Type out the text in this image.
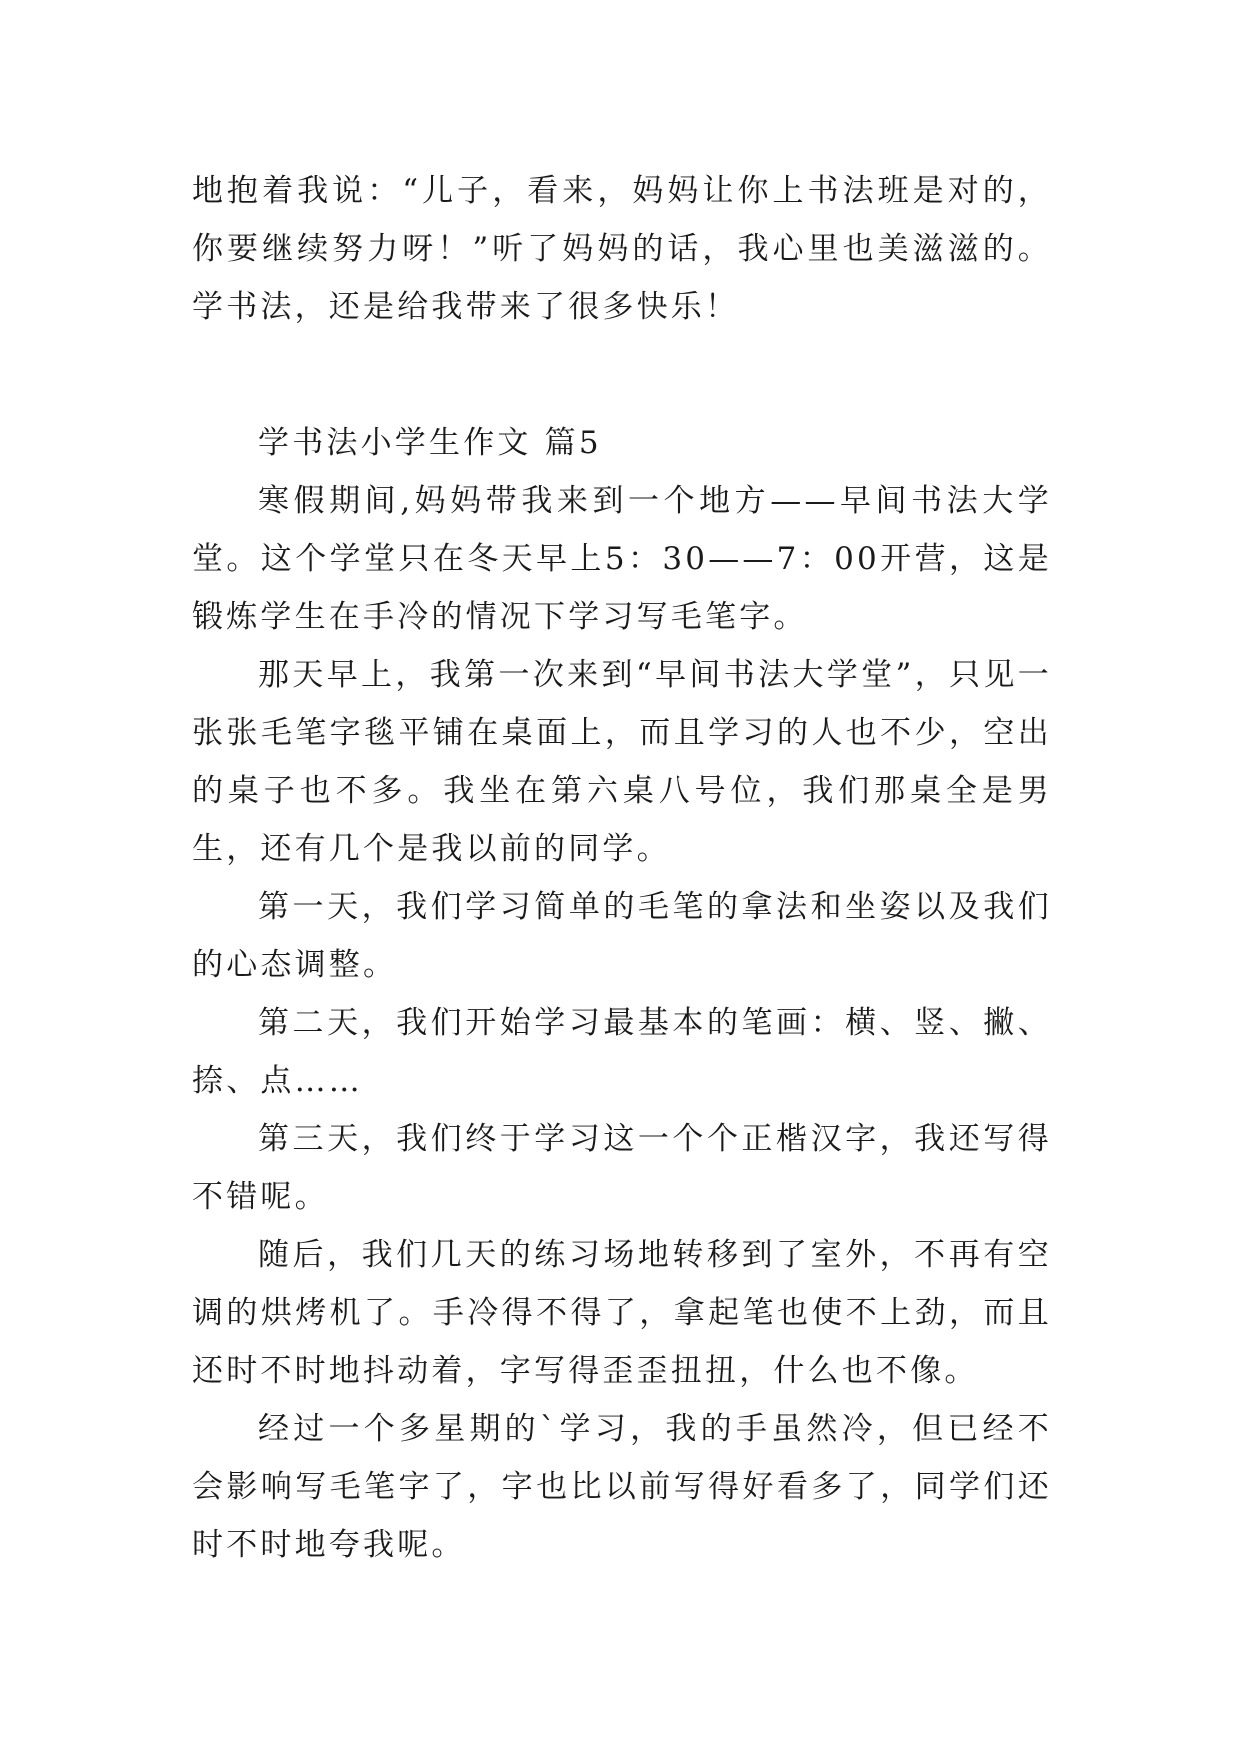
地抱着我说：“儿子，看来，妈妈让你上书法班是对的，你要继续努力呀！”听了妈妈的话，我心里也美滋滋的。学书法，还是给我带来了很多快乐！

学书法小学生作文 篇5

寒假期间,妈妈带我来到一个地方——早间书法大学堂。这个学堂只在冬天早上5：30——7：00开营，这是锻炼学生在手冷的情况下学习写毛笔字。

那天早上，我第一次来到“早间书法大学堂”，只见一张张毛笔字毯平铺在桌面上，而且学习的人也不少，空出的桌子也不多。我坐在第六桌八号位，我们那桌全是男生，还有几个是我以前的同学。

第一天，我们学习简单的毛笔的拿法和坐姿以及我们的心态调整。

第二天，我们开始学习最基本的笔画：横、竖、撇、捺、点……

第三天，我们终于学习这一个个正楷汉字，我还写得不错呢。

随后，我们几天的练习场地转移到了室外，不再有空调的烘烤机了。手冷得不得了，拿起笔也使不上劲，而且还时不时地抖动着，字写得歪歪扭扭，什么也不像。

经过一个多星期的`学习，我的手虽然冷，但已经不会影响写毛笔字了，字也比以前写得好看多了，同学们还时不时地夸我呢。
